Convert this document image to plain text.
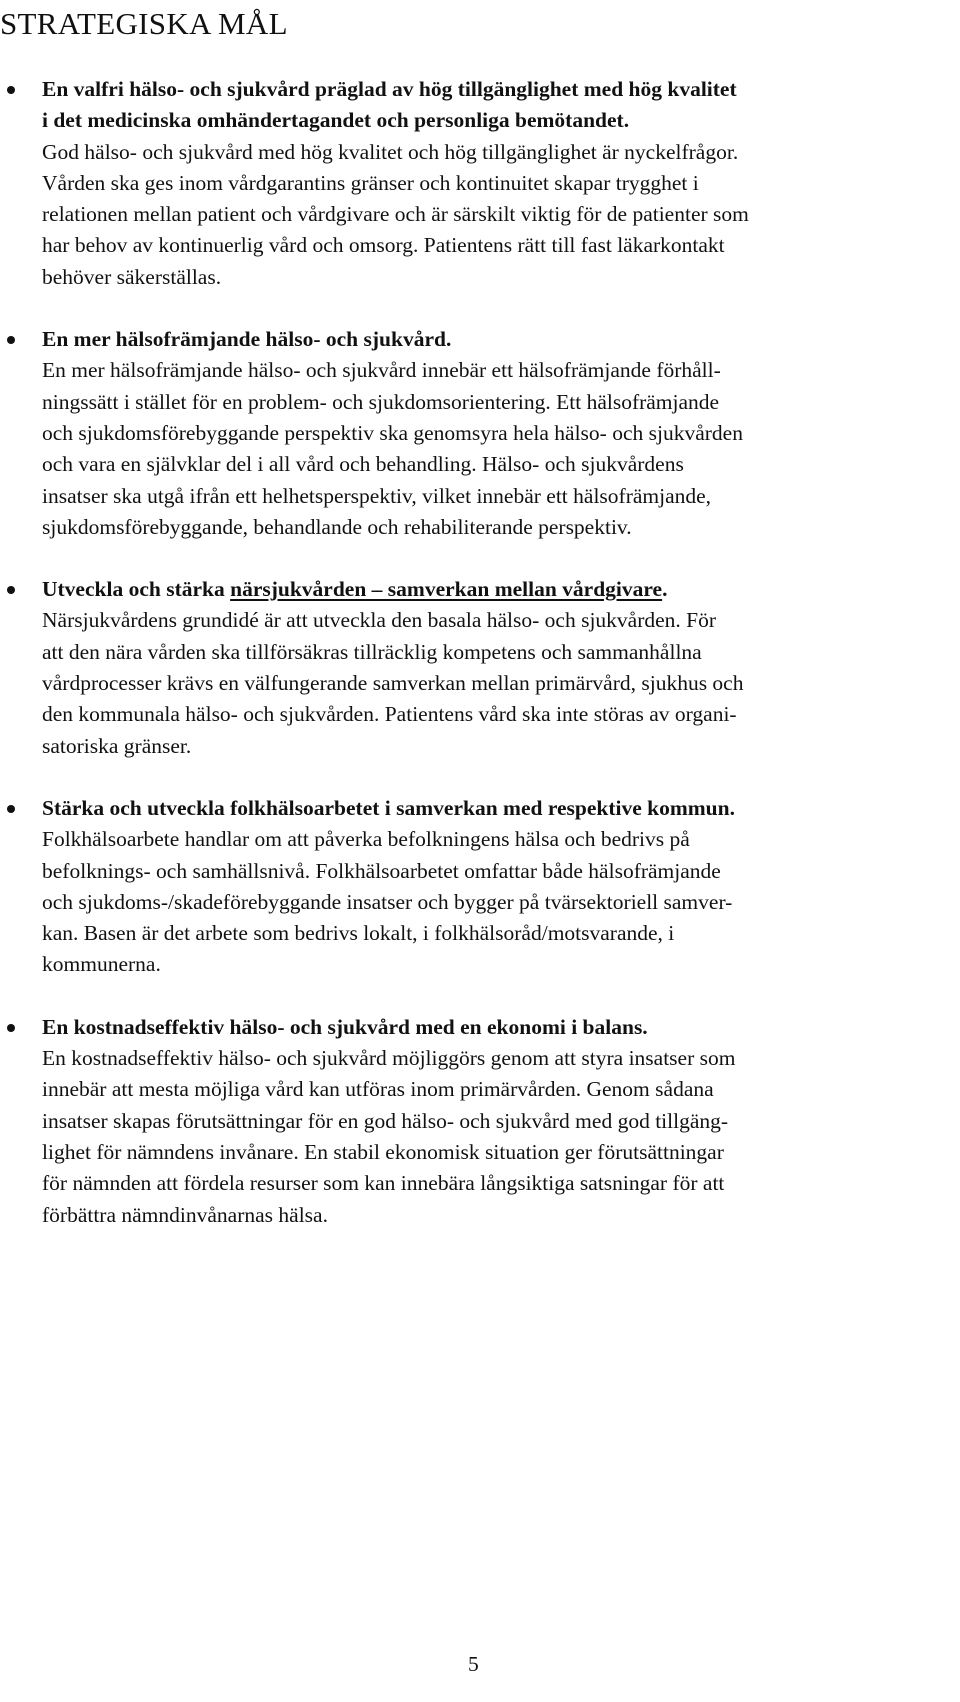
STRATEGISKA MÅL
En valfri hälso- och sjukvård präglad av hög tillgänglighet med hög kvalitet
i det medicinska omhändertagandet och personliga bemötandet.
God hälso- och sjukvård med hög kvalitet och hög tillgänglighet är nyckelfrågor.
Vården ska ges inom vårdgarantins gränser och kontinuitet skapar trygghet i
relationen mellan patient och vårdgivare och är särskilt viktig för de patienter som
har behov av kontinuerlig vård och omsorg. Patientens rätt till fast läkarkontakt
behöver säkerställas.
En mer hälsofrämjande hälso- och sjukvård.
En mer hälsofrämjande hälso- och sjukvård innebär ett hälsofrämjande förhåll-
ningssätt i stället för en problem- och sjukdomsorientering. Ett hälsofrämjande
och sjukdomsförebyggande perspektiv ska genomsyra hela hälso- och sjukvården
och vara en självklar del i all vård och behandling. Hälso- och sjukvårdens
insatser ska utgå ifrån ett helhetsperspektiv, vilket innebär ett hälsofrämjande,
sjukdomsförebyggande, behandlande och rehabiliterande perspektiv.
Utveckla och stärka närsjukvården – samverkan mellan vårdgivare.
Närsjukvårdens grundidé är att utveckla den basala hälso- och sjukvården. För
att den nära vården ska tillförsäkras tillräcklig kompetens och sammanhållna
vårdprocesser krävs en välfungerande samverkan mellan primärvård, sjukhus och
den kommunala hälso- och sjukvården. Patientens vård ska inte störas av organi-
satoriska gränser.
Stärka och utveckla folkhälsoarbetet i samverkan med respektive kommun.
Folkhälsoarbete handlar om att påverka befolkningens hälsa och bedrivs på
befolknings- och samhällsnivå. Folkhälsoarbetet omfattar både hälsofrämjande
och sjukdoms-/skadeförebyggande insatser och bygger på tvärsektoriell samver-
kan. Basen är det arbete som bedrivs lokalt, i folkhälsoråd/motsvarande, i
kommunerna.
En kostnadseffektiv hälso- och sjukvård med en ekonomi i balans.
En kostnadseffektiv hälso- och sjukvård möjliggörs genom att styra insatser som
innebär att mesta möjliga vård kan utföras inom primärvården. Genom sådana
insatser skapas förutsättningar för en god hälso- och sjukvård med god tillgäng-
lighet för nämndens invånare. En stabil ekonomisk situation ger förutsättningar
för nämnden att fördela resurser som kan innebära långsiktiga satsningar för att
förbättra nämndinvånarnas hälsa.
5
